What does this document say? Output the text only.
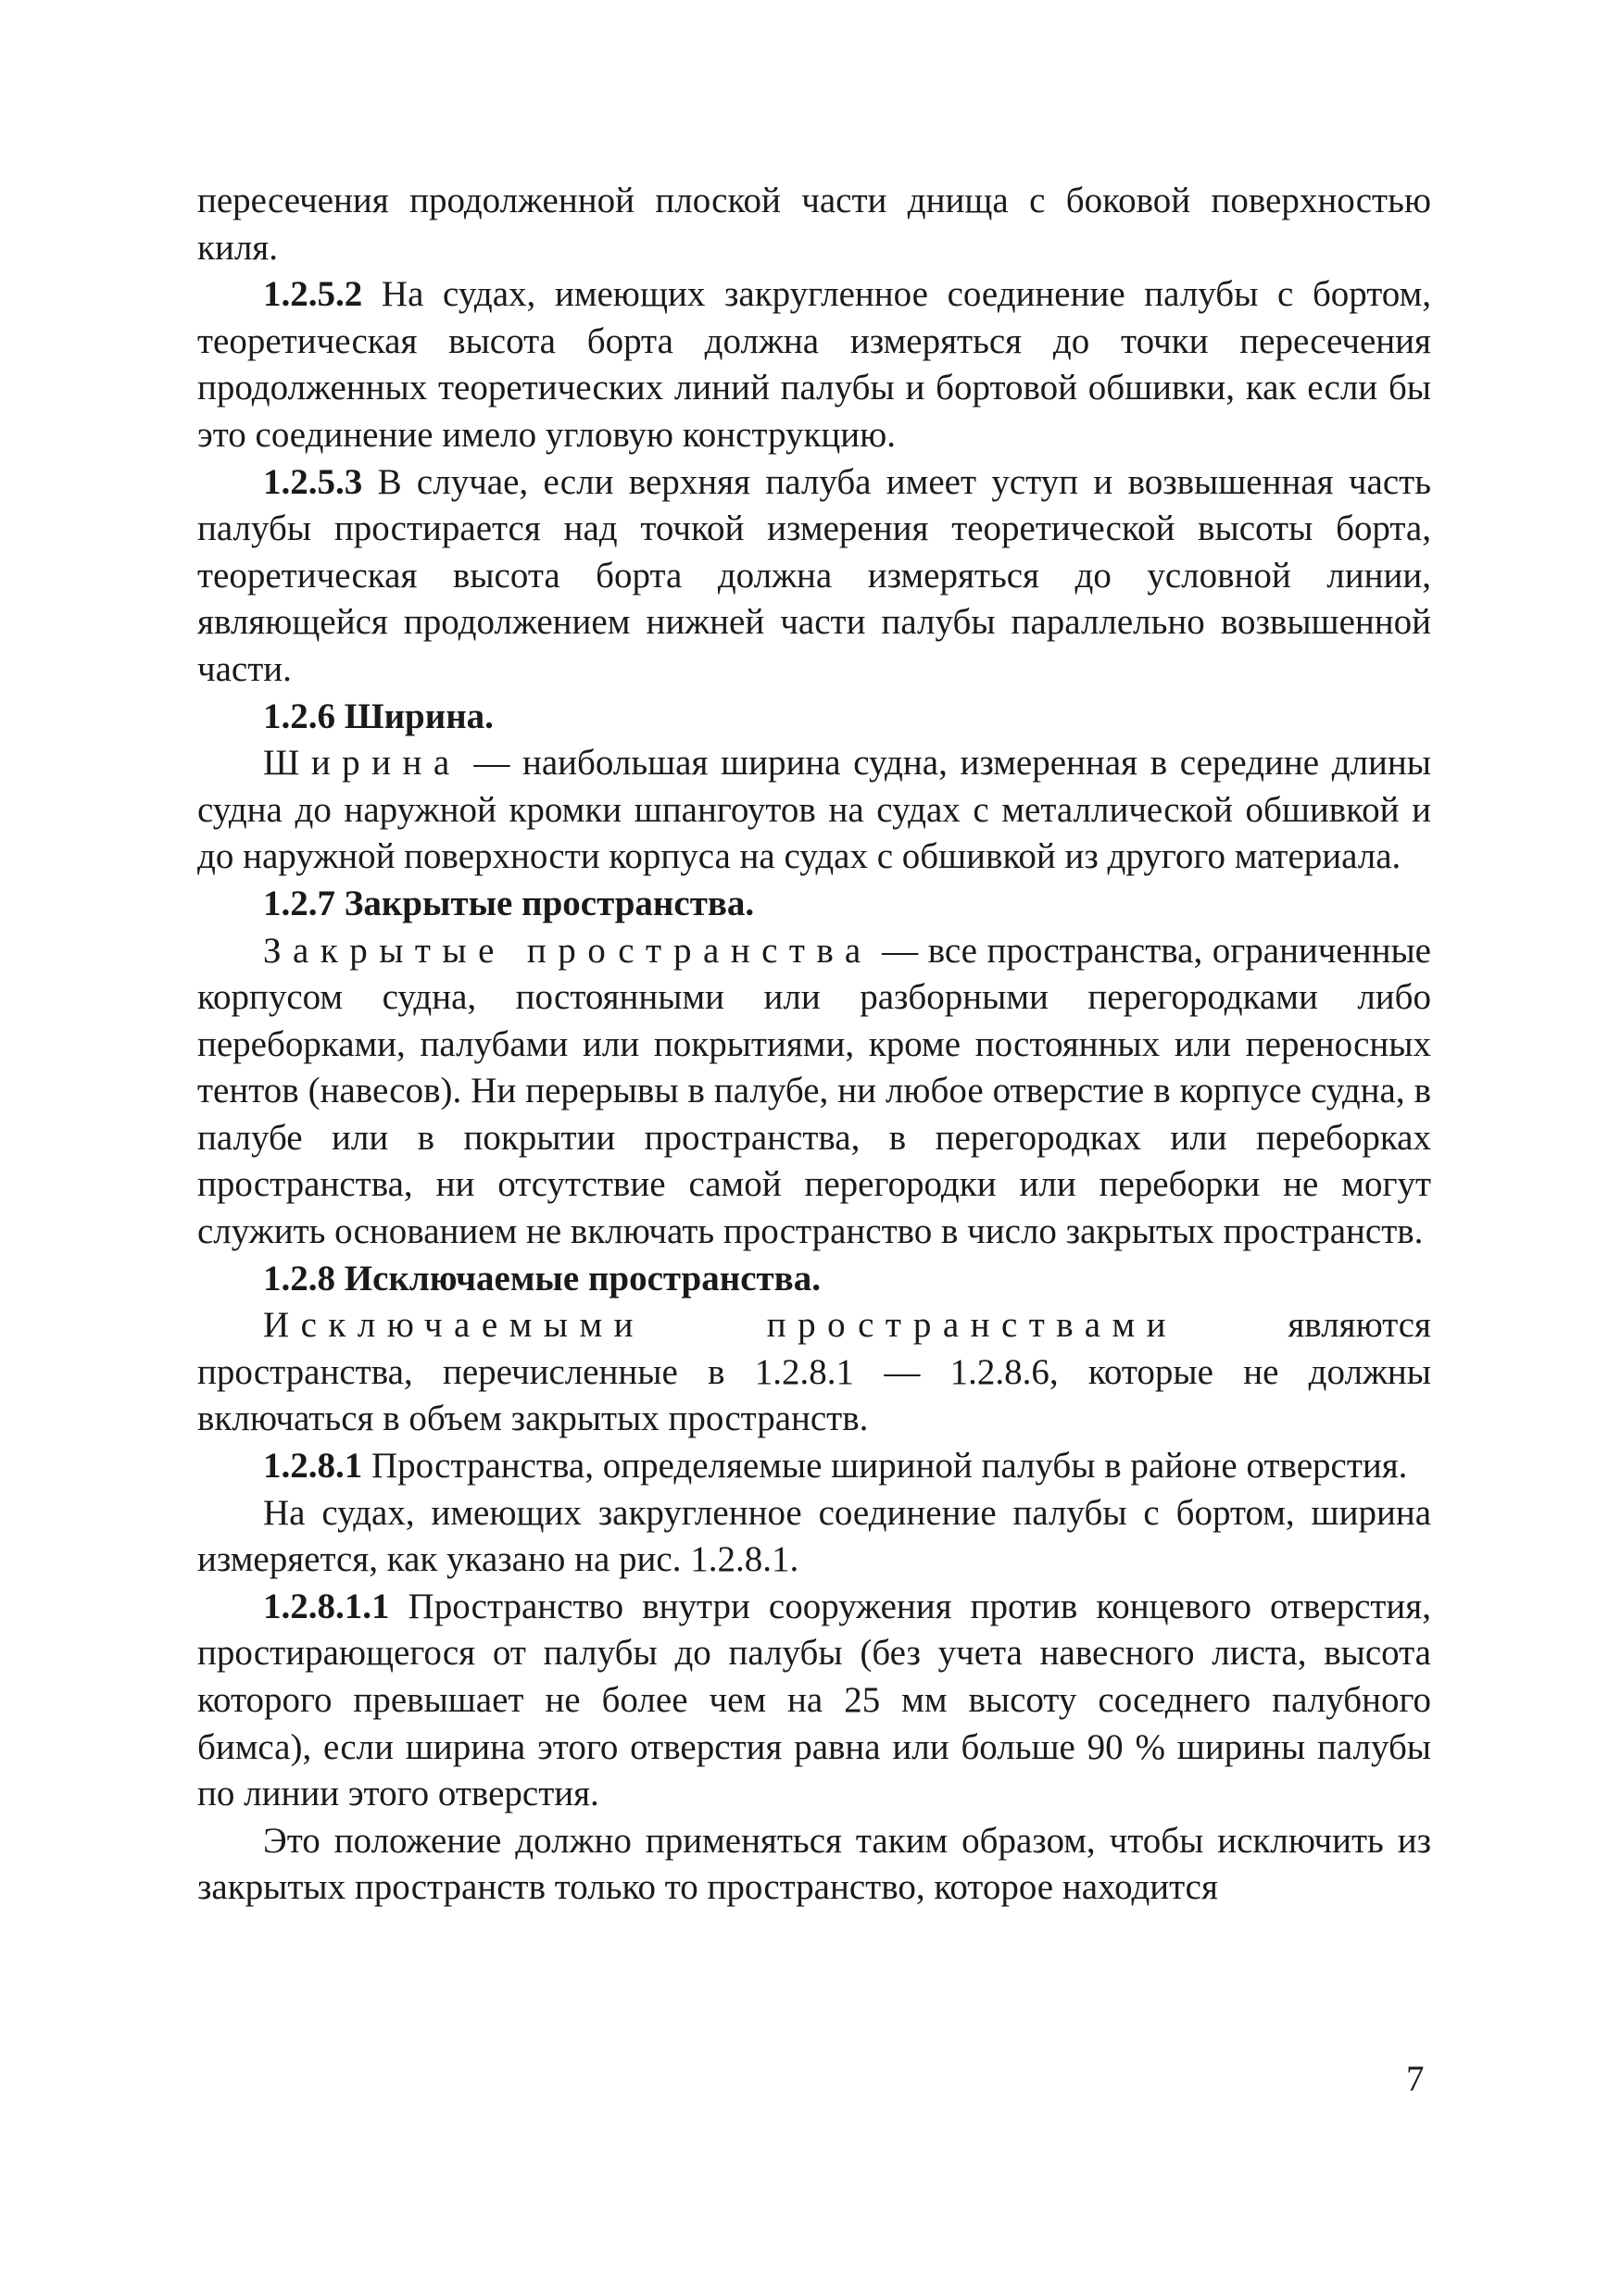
пересечения продолженной плоской части днища с боковой поверхностью киля.

1.2.5.2 На судах, имеющих закругленное соединение палубы с бортом, теоретическая высота борта должна измеряться до точки пересечения продолженных теоретических линий палубы и бортовой обшивки, как если бы это соединение имело угловую конструкцию.

1.2.5.3 В случае, если верхняя палуба имеет уступ и возвышенная часть палубы простирается над точкой измерения теоретической высоты борта, теоретическая высота борта должна измеряться до условной линии, являющейся продолжением нижней части палубы параллельно возвышенной части.

1.2.6 Ширина.

Ширина — наибольшая ширина судна, измеренная в середине длины судна до наружной кромки шпангоутов на судах с металлической обшивкой и до наружной поверхности корпуса на судах с обшивкой из другого материала.

1.2.7 Закрытые пространства.

Закрытые пространства — все пространства, ограниченные корпусом судна, постоянными или разборными перегородками либо переборками, палубами или покрытиями, кроме постоянных или переносных тентов (навесов). Ни перерывы в палубе, ни любое отверстие в корпусе судна, в палубе или в покрытии пространства, в перегородках или переборках пространства, ни отсутствие самой перегородки или переборки не могут служить основанием не включать пространство в число закрытых пространств.

1.2.8 Исключаемые пространства.

Исключаемыми пространствами являются пространства, перечисленные в 1.2.8.1 — 1.2.8.6, которые не должны включаться в объем закрытых пространств.

1.2.8.1 Пространства, определяемые шириной палубы в районе отверстия.

На судах, имеющих закругленное соединение палубы с бортом, ширина измеряется, как указано на рис. 1.2.8.1.

1.2.8.1.1 Пространство внутри сооружения против концевого отверстия, простирающегося от палубы до палубы (без учета навесного листа, высота которого превышает не более чем на 25 мм высоту соседнего палубного бимса), если ширина этого отверстия равна или больше 90 % ширины палубы по линии этого отверстия.

Это положение должно применяться таким образом, чтобы исключить из закрытых пространств только то пространство, которое находится

7
